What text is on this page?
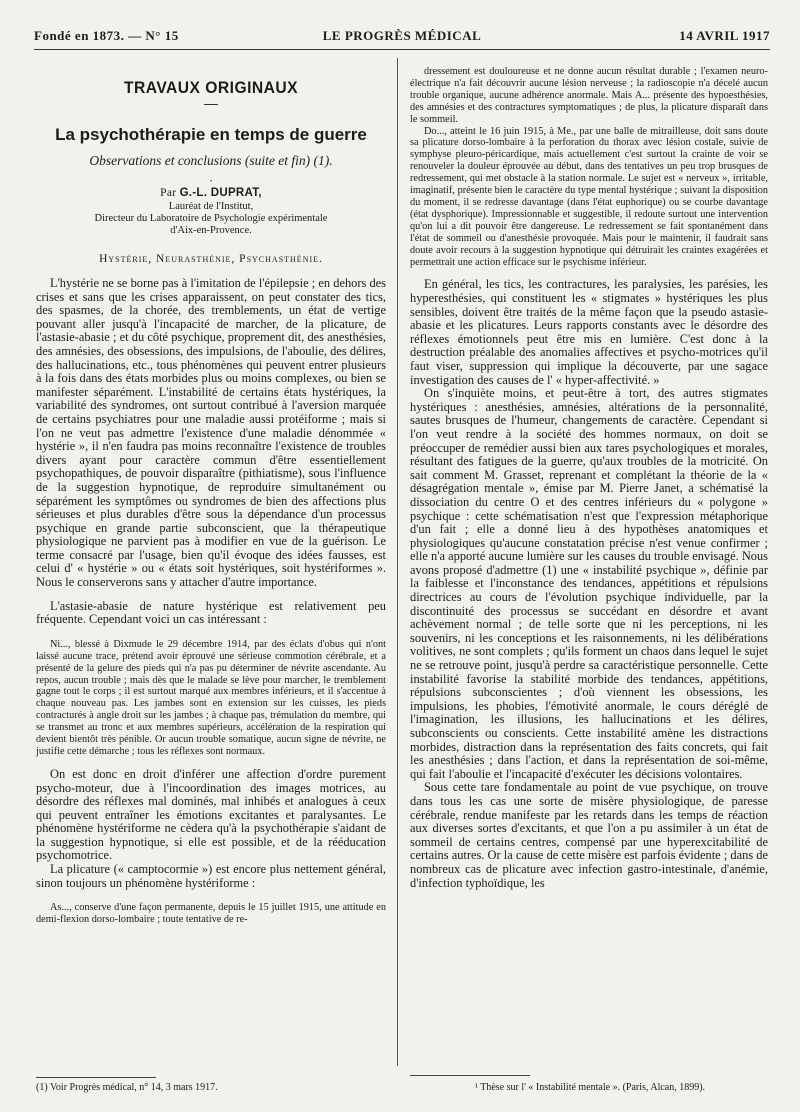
Fondé en 1873. — N° 15	LE PROGRÈS MÉDICAL	14 AVRIL 1917

TRAVAUX ORIGINAUX

La psychothérapie en temps de guerre

Observations et conclusions (suite et fin) (1).

•

Par G.-L. DUPRAT,

Lauréat de l'Institut,

Directeur du Laboratoire de Psychologie expérimentale

d'Aix-en-Provence.

Hystérie, Neurasthénie, Psychasthénie.

L'hystérie ne se borne pas à l'imitation de l'épilepsie ; en dehors des crises et sans que les crises apparaissent, on peut constater des tics, des spasmes, de la chorée, des tremblements, un état de vertige pouvant aller jusqu'à l'incapacité de marcher, de la plicature, de l'astasie-abasie ; et du côté psychique, proprement dit, des anesthésies, des amnésies, des obsessions, des impulsions, de l'aboulie, des délires, des hallucinations, etc., tous phénomènes qui peuvent entrer plusieurs à la fois dans des états morbides plus ou moins complexes, ou bien se manifester séparément. L'instabilité de certains états hystériques, la variabilité des syndromes, ont surtout contribué à l'aversion marquée de certains psychiatres pour une maladie aussi protéiforme ; mais si l'on ne veut pas admettre l'existence d'une maladie dénommée « hystérie », il n'en faudra pas moins reconnaître l'existence de troubles divers ayant pour caractère commun d'être essentiellement psychopathiques, de pouvoir disparaître (pithiatisme), sous l'influence de la suggestion hypnotique, de reproduire simultanément ou séparément les symptômes ou syndromes de bien des affections plus sérieuses et plus durables d'être sous la dépendance d'un processus psychique en grande partie subconscient, que la thérapeutique physiologique ne parvient pas à modifier en vue de la guérison. Le terme consacré par l'usage, bien qu'il évoque des idées fausses, est celui d' « hystérie » ou « états soit hystériques, soit hystériformes ». Nous le conserverons sans y attacher d'autre importance.

L'astasie-abasie de nature hystérique est relativement peu fréquente. Cependant voici un cas intéressant :

Ni..., blessé à Dixmude le 29 décembre 1914, par des éclats d'obus qui n'ont laissé aucune trace, prétend avoir éprouvé une sérieuse commotion cérébrale, et a présenté de la gelure des pieds qui n'a pas pu déterminer de névrite ascendante. Au repos, aucun trouble ; mais dès que le malade se lève pour marcher, le tremblement gagne tout le corps ; il est surtout marqué aux membres inférieurs, et il s'accentue à chaque nouveau pas. Les jambes sont en extension sur les cuisses, les pieds contracturés à angle droit sur les jambes ; à chaque pas, trémulation du membre, qui se transmet au tronc et aux membres supérieurs, accélération de la respiration qui devient bientôt très pénible. Or aucun trouble somatique, aucun signe de névrite, ne justifie cette démarche ; tous les réflexes sont normaux.

On est donc en droit d'inférer une affection d'ordre purement psycho-moteur, due à l'incoordination des images motrices, au désordre des réflexes mal dominés, mal inhibés et analogues à ceux qui peuvent entraîner les émotions excitantes et paralysantes. Le phénomène hystériforme ne cèdera qu'à la psychothérapie s'aidant de la suggestion hypnotique, si elle est possible, et de la rééducation psychomotrice.

La plicature (« camptocormie ») est encore plus nettement général, sinon toujours un phénomène hystériforme :

As..., conserve d'une façon permanente, depuis le 15 juillet 1915, une attitude en demi-flexion dorso-lombaire ; toute tentative de re-

dressement est douloureuse et ne donne aucun résultat durable ; l'examen neuro-électrique n'a fait découvrir aucune lésion nerveuse ; la radioscopie n'a décelé aucun trouble organique, aucune adhérence anormale. Mais A... présente des hypoesthésies, des amnésies et des contractures symptomatiques ; de plus, la plicature disparaît dans le sommeil.

Do..., atteint le 16 juin 1915, à Me., par une balle de mitrailleuse, doit sans doute sa plicature dorso-lombaire à la perforation du thorax avec lésion costale, suivie de symphyse pleuro-péricardique, mais actuellement c'est surtout la crainte de voir se renouveler la douleur éprouvée au début, dans des tentatives un peu trop brusques de redressement, qui met obstacle à la station normale. Le sujet est « nerveux », irritable, imaginatif, présente bien le caractère du type mental hystérique ; suivant la disposition du moment, il se redresse davantage (dans l'état euphorique) ou se courbe davantage (état dysphorique). Impressionnable et suggestible, il redoute surtout une intervention qu'on lui a dit pouvoir être dangereuse. Le redressement se fait spontanément dans l'état de sommeil ou d'anesthésie provoquée. Mais pour le maintenir, il faudrait sans doute avoir recours à la suggestion hypnotique qui détruirait les craintes exagérées et permettrait une action efficace sur le psychisme inférieur.

En général, les tics, les contractures, les paralysies, les parésies, les hyperesthésies, qui constituent les « stigmates » hystériques les plus sensibles, doivent être traités de la même façon que la pseudo astasie-abasie et les plicatures. Leurs rapports constants avec le désordre des réflexes émotionnels peut être mis en lumière. C'est donc à la destruction préalable des anomalies affectives et psycho-motrices qu'il faut viser, suppression qui implique la découverte, par une sagace investigation des causes de l' « hyper-affectivité. »

On s'inquiète moins, et peut-être à tort, des autres stigmates hystériques : anesthésies, amnésies, altérations de la personnalité, sautes brusques de l'humeur, changements de caractère. Cependant si l'on veut rendre à la société des hommes normaux, on doit se préoccuper de remédier aussi bien aux tares psychologiques et morales, résultant des fatigues de la guerre, qu'aux troubles de la motricité. On sait comment M. Grasset, reprenant et complétant la théorie de la « désagrégation mentale », émise par M. Pierre Janet, a schématisé la dissociation du centre O et des centres inférieurs du « polygone » psychique : cette schématisation n'est que l'expression métaphorique d'un fait ; elle a donné lieu à des hypothèses anatomiques et physiologiques qu'aucune constatation précise n'est venue confirmer ; elle n'a apporté aucune lumière sur les causes du trouble envisagé. Nous avons proposé d'admettre (1) une « instabilité psychique », définie par la faiblesse et l'inconstance des tendances, appétitions et répulsions directrices au cours de l'évolution psychique individuelle, par la discontinuité des processus se succédant en désordre et avant achèvement normal ; de telle sorte que ni les perceptions, ni les souvenirs, ni les conceptions et les raisonnements, ni les délibérations volitives, ne sont complets ; qu'ils forment un chaos dans lequel le sujet ne se retrouve point, jusqu'à perdre sa caractéristique personnelle. Cette instabilité favorise la stabilité morbide des tendances, appétitions, répulsions subconscientes ; d'où viennent les obsessions, les impulsions, les phobies, l'émotivité anormale, le cours déréglé de l'imagination, les illusions, les hallucinations et les délires, subconscients ou conscients. Cette instabilité amène les distractions morbides, distraction dans la représentation des faits concrets, qui fait les anesthésies ; dans l'action, et dans la représentation de soi-même, qui fait l'aboulie et l'incapacité d'exécuter les décisions volontaires.

Sous cette tare fondamentale au point de vue psychique, on trouve dans tous les cas une sorte de misère physiologique, de paresse cérébrale, rendue manifeste par les retards dans les temps de réaction aux diverses sortes d'excitants, et que l'on a pu assimiler à un état de sommeil de certains centres, compensé par une hyperexcitabilité de certains autres. Or la cause de cette misère est parfois évidente ; dans de nombreux cas de plicature avec infection gastro-intestinale, d'anémie, d'infection typhoïdique, les

(1) Voir Progrès médical, n° 14, 3 mars 1917.	¹ Thèse sur l' « Instabilité mentale ». (Paris, Alcan, 1899).
